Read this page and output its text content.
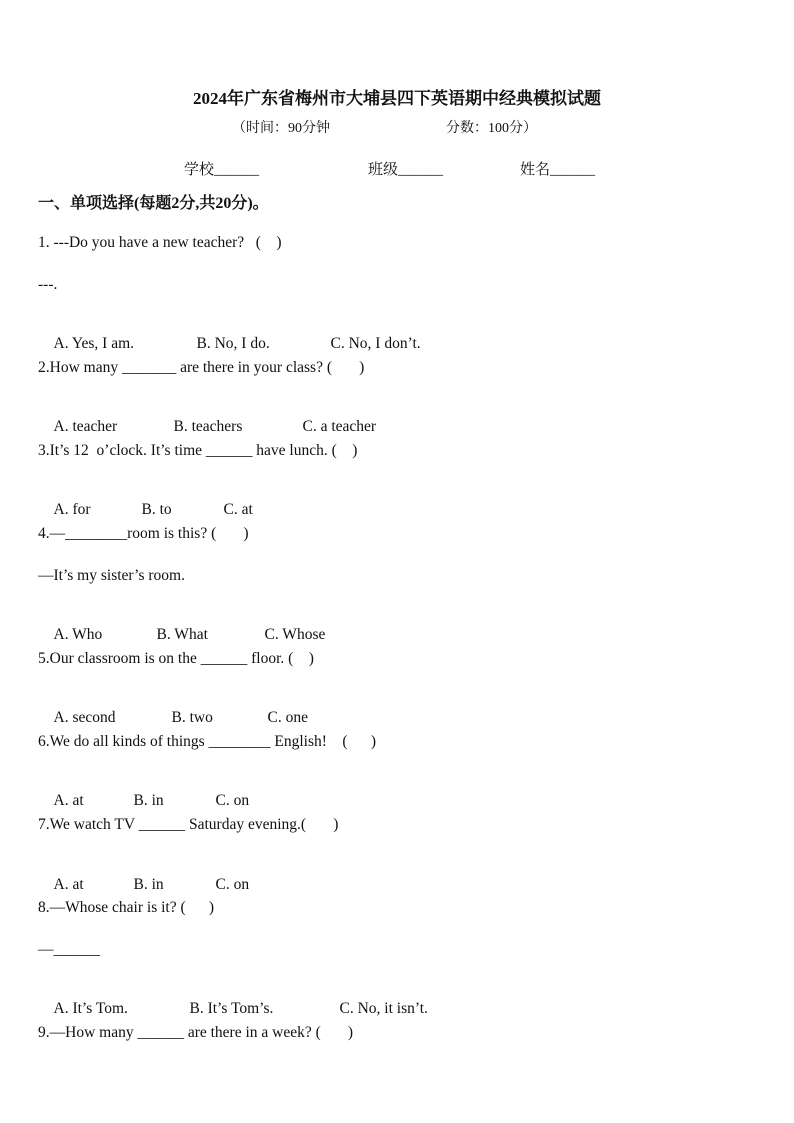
2024年广东省梅州市大埔县四下英语期中经典模拟试题
（时间：90分钟	分数：100分）
学校______	班级______	姓名______
一、单项选择(每题2分,共20分)。
1. ---Do you have a new teacher?   (    )
---.

A. Yes, I am.	B. No, I do.	C. No, I don’t.

2.How many _______ are there in your class? (       )

A. teacher	B. teachers	C. a teacher

3.It’s 12  o’clock. It’s time ______ have lunch. (    )

A. for	B. to	C. at

4.—________room is this? (       )
—It’s my sister’s room.

A. Who	B. What	C. Whose

5.Our classroom is on the ______ floor. (    )

A. second	B. two	C. one

6.We do all kinds of things ________ English!    (      )

A. at	B. in	C. on

7.We watch TV ______ Saturday evening.(       )

A. at	B. in	C. on

8.—Whose chair is it? (      )
—______

A. It’s Tom.	B. It’s Tom’s.	C. No, it isn’t.

9.—How many ______ are there in a week? (       )
